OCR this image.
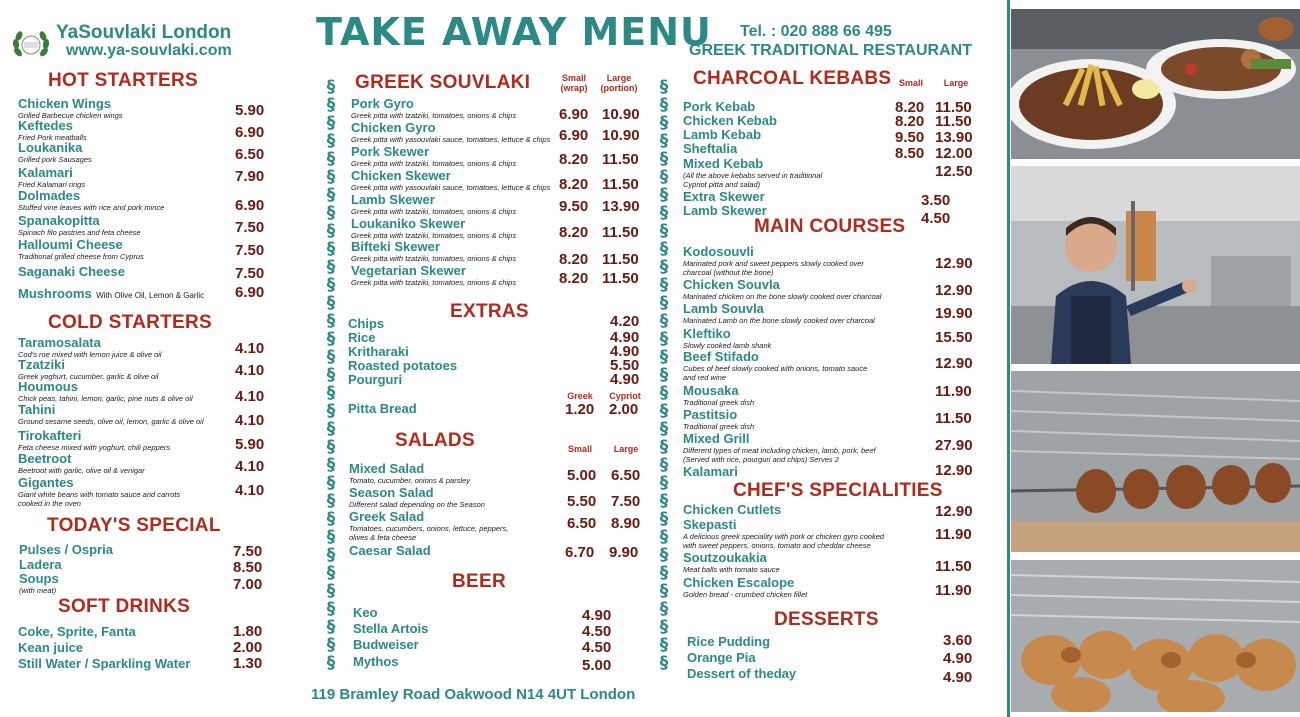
YaSouvlaki London
www.ya-souvlaki.com TAKE AWAY MENU Tel. : 020 888 66 495
GREEK TRADITIONAL RESTAURANT
HOT STARTERS
COLD STARTERS
TODAY'S SPECIAL
SOFT DRINKS
Chicken Wings
Grilled Barbecue chicken wings	5.90
Keftedes
Fried Pork meatballs	6.90
Loukanika
Grilled pork Sausages	6.50
Kalamari
Fried Kalamari rings	7.90
Dolmades
Stuffed vine leaves with rice and pork mince	6.90
Spanakopitta
Spinach filo pastries and feta cheese	7.50
Halloumi Cheese
Traditional grilled cheese from Cyprus	7.50
Saganaki Cheese	7.50
Mushrooms With Olive Oil, Lemon & Garlic 6.90
Taramosalata
Cod's roe mixed with lemon juice & olive oil	4.10
Tzatziki
Greek yoghurt, cucumber, garlic & olive oil	4.10
Houmous
Chick peas, tahini, lemon, garlic, pine nuts & olive oil	4.10
Tahini
Ground sesame seeds, olive oil, lemon, garlic & olive oil 4.10
Tirokafteri
Feta cheese mixed with yoghurt, chili peppers	5.90
Beetroot
Beetroot with garlic, olive oil & venigar	4.10
Gigantes
Giant white beans with tomato sauce and carrots
cooked in the oven
4.10
Pulses / Ospria	7.50
Ladera	8.50
Soups
(with meat)	7.00
Coke, Sprite, Fanta	1.80
Kean juice	2.00
Still Water / Sparkling Water	1.30
§
§
§
§
§
§
§
§
§
§
§
§
§
§
§
§
§
§
§
§
§
§
§
§
§
§
§
§
§
§
§
§
§
§
§
§
§
§
§
§
§
§
§
§
§
§
§
§
§
§
§
§
§
§
§
§
§
§
§
§
§
§
§
§
§
§
GREEK SOUVLAKI	Small
(wrap)
Large
(portion)
Pork Gyro
Greek pitta with tzatziki, tomatoes, onions & chips	6.90 10.90
Chicken Gyro
Greek pitta with yasouvlaki sauce, tomatoes, lettuce & chips 6.90 10.90
Pork Skewer
Greek pitta with tzatziki, tomatoes, onions & chips	8.20 11.50
Chicken Skewer
Greek pitta with yasouvlaki sauce, tomatoes, lettuce & chips 8.20 11.50
Lamb Skewer
Greek pitta with tzatziki, tomatoes, onions & chips	9.50 13.90
Loukaniko Skewer
Greek pitta with tzatziki, tomatoes, onions & chips	8.20 11.50
Bifteki Skewer
Greek pitta with tzatziki, tomatoes, onions & chips	8.20 11.50
Vegetarian Skewer
Greek pitta with tzatziki, tomatoes, onions & chips	8.20 11.50
EXTRAS
Chips	4.20
Rice	4.90
Kritharaki	4.90
Roasted potatoes	5.50
Pourguri	4.90
Greek	Cypriot
Pitta Bread	1.20 2.00
SALADS	Small	Large
Mixed Salad
Tomato, cucumber, onions & parsley	5.00 6.50
Season Salad
Different salad depending on the Season	5.50 7.50
Greek Salad
Tomatoes, cucumbers, onions, lettuce, peppers,
olives & feta cheese
6.50 8.90
Caesar Salad	6.70 9.90
BEER
Keo	4.90
Stella Artois	4.50
Budweiser	4.50
Mythos	5.00
119 Bramley Road Oakwood N14 4UT London
CHARCOAL KEBABS Small	Large
Pork Kebab	8.20 11.50
Chicken Kebab	8.20 11.50
Lamb Kebab	9.50 13.90
Sheftalia	8.50 12.00
Mixed Kebab
(All the above kebabs served in traditional
Cypriot pitta and salad)
12.50
Extra Skewer	3.50
Lamb Skewer	4.50
MAIN COURSES
Kodosouvli
Marinated pork and sweet peppers slowly cooked over
charcoal (without the bone)
12.90
Chicken Souvla
Marinated chicken on the bone slowly cooked over charcoal	12.90
Lamb Souvla
Marinated Lamb on the bone slowly cooked over charcoal	19.90
Kleftiko
Slowly cooked lamb shank	15.50
Beef Stifado
Cubes of beef slowly cooked with onions, tomato sauce
and red wine
12.90
Mousaka
Traditional greek dish
11.90
Pastitsio
Traditional greek dish	11.50
Mixed Grill
Different types of meat including chicken, lamb, pork, beef
(Served with rice, pourguri and chips) Serves 2
27.90
Kalamari	12.90
CHEF'S SPECIALITIES
Chicken Cutlets	12.90
Skepasti
A delicious greek speciality with pork or chicken gyro cooked
with sweet peppers, onions, tomato and cheddar cheese
11.90
Soutzoukakia
Meat balls with tomato sauce	11.50
Chicken Escalope
Golden bread - crumbed chicken fillet	11.90
DESSERTS
Rice Pudding	3.60
Orange Pia	4.90
Dessert of theday	4.90
